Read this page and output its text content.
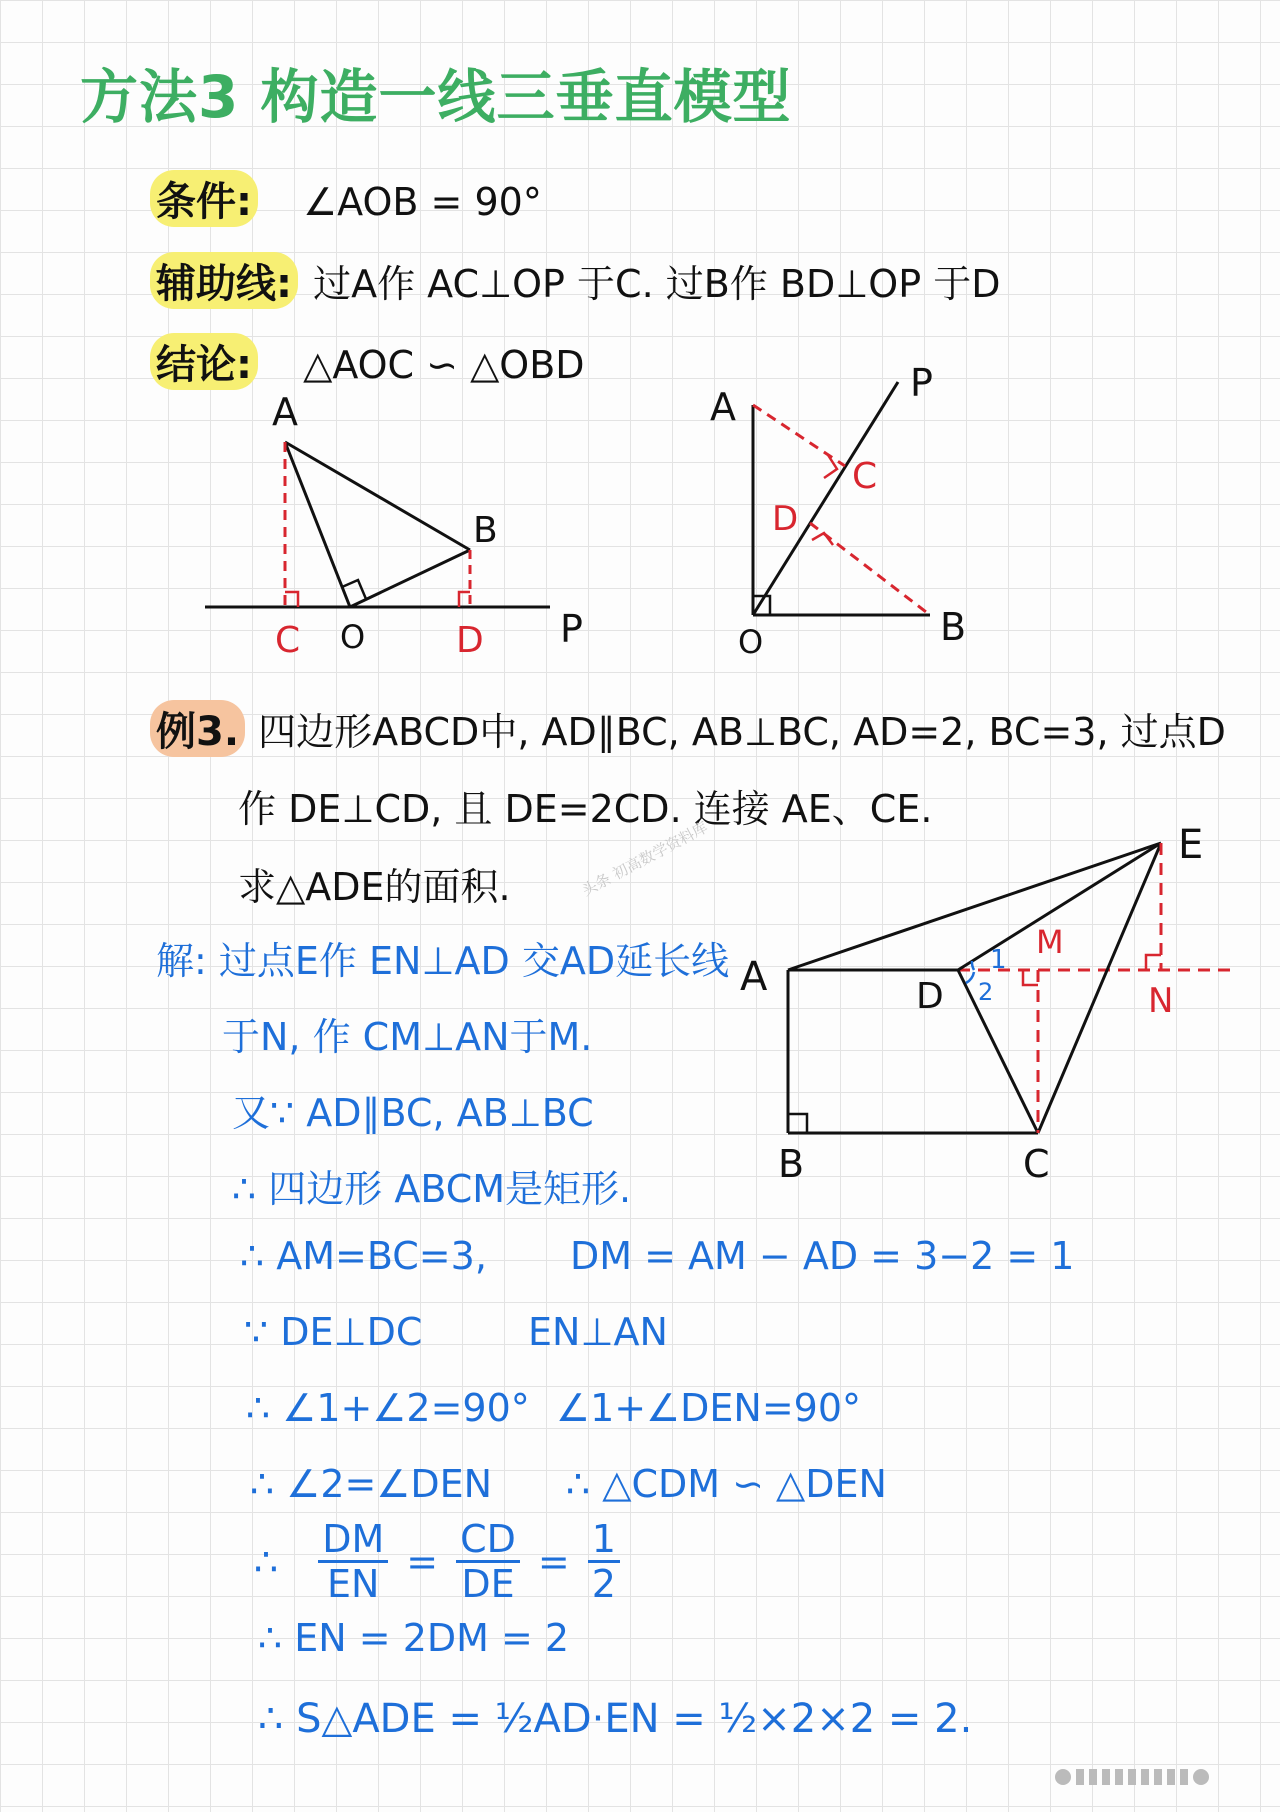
方法3 构造一线三垂直模型
条件: ∠AOB = 90°
辅助线: 过A作 AC⊥OP 于C. 过B作 BD⊥OP 于D
结论: △AOC ∽ △OBD
A
B
C O	D P
A
P
C
D
O	B
例3. 四边形ABCD中, AD∥BC, AB⊥BC, AD=2, BC=3, 过点D
作 DE⊥CD, 且 DE=2CD. 连接 AE、CE.
求△ADE的面积.	头条 初高数学资料库
A	D
E
M
N
1
2
B	C
解: 过点E作 EN⊥AD 交AD延长线
于N, 作 CM⊥AN于M.
又∵ AD∥BC, AB⊥BC
∴ 四边形 ABCM是矩形.
∴ AM=BC=3, DM = AM − AD = 3−2 = 1
∵ DE⊥DC	EN⊥AN
∴ ∠1+∠2=90° ∠1+∠DEN=90°
∴ ∠2=∠DEN ∴ △CDM ∽ △DEN
∴ $\frac{DM}{EN} = \frac{CD}{DE} = \frac{1}{2}$
∴ EN = 2DM = 2
∴ S△ADE = ½AD·EN = ½×2×2 = 2.
